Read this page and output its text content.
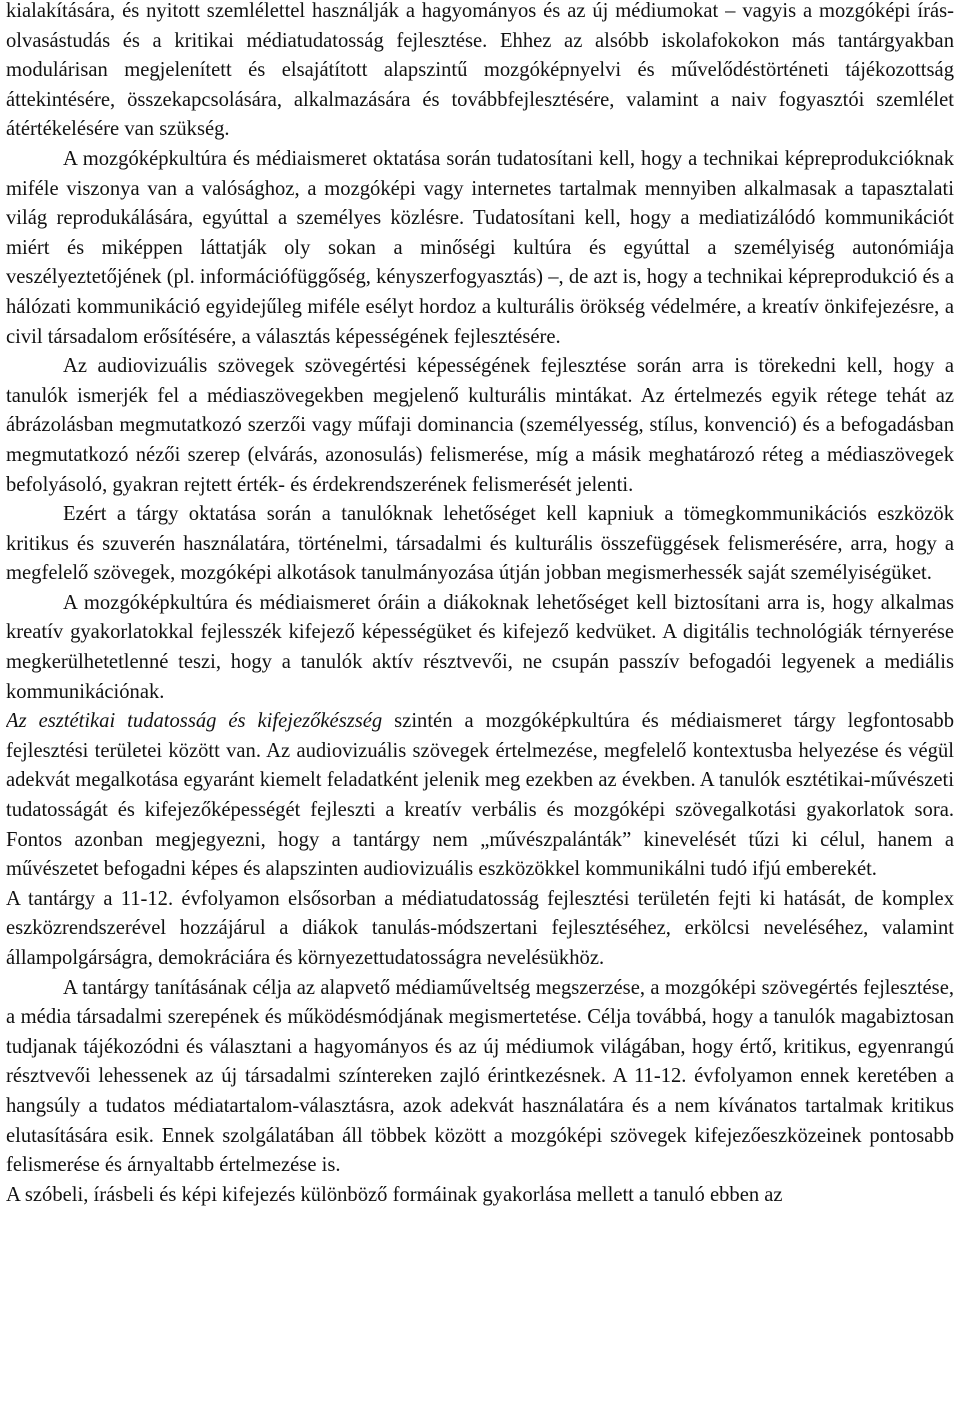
kialakítására, és nyitott szemlélettel használják a hagyományos és az új médiumokat – vagyis a mozgóképi írás-olvasástudás és a kritikai médiatudatosság fejlesztése. Ehhez az alsóbb iskolafokokon más tantárgyakban modulárisan megjelenített és elsajátított alapszintű mozgóképnyelvi és művelődéstörténeti tájékozottság áttekintésére, összekapcsolására, alkalmazására és továbbfejlesztésére, valamint a naiv fogyasztói szemlélet átértékelésére van szükség.

A mozgóképkultúra és médiaismeret oktatása során tudatosítani kell, hogy a technikai képreprodukcióknak miféle viszonya van a valósághoz, a mozgóképi vagy internetes tartalmak mennyiben alkalmasak a tapasztalati világ reprodukálására, egyúttal a személyes közlésre. Tudatosítani kell, hogy a mediatizálódó kommunikációt miért és miképpen láttatják oly sokan a minőségi kultúra és egyúttal a személyiség autonómiája veszélyeztetőjének (pl. információfüggőség, kényszerfogyasztás) –, de azt is, hogy a technikai képreprodukció és a hálózati kommunikáció egyidejűleg miféle esélyt hordoz a kulturális örökség védelmére, a kreatív önkifejezésre, a civil társadalom erősítésére, a választás képességének fejlesztésére.

Az audiovizuális szövegek szövegértési képességének fejlesztése során arra is törekedni kell, hogy a tanulók ismerjék fel a médiaszövegekben megjelenő kulturális mintákat. Az értelmezés egyik rétege tehát az ábrázolásban megmutatkozó szerzői vagy műfaji dominancia (személyesség, stílus, konvenció) és a befogadásban megmutatkozó nézői szerep (elvárás, azonosulás) felismerése, míg a másik meghatározó réteg a médiaszövegek befolyásoló, gyakran rejtett érték- és érdekrendszerének felismerését jelenti.

Ezért a tárgy oktatása során a tanulóknak lehetőséget kell kapniuk a tömegkommunikációs eszközök kritikus és szuverén használatára, történelmi, társadalmi és kulturális összefüggések felismerésére, arra, hogy a megfelelő szövegek, mozgóképi alkotások tanulmányozása útján jobban megismerhessék saját személyiségüket.

A mozgóképkultúra és médiaismeret óráin a diákoknak lehetőséget kell biztosítani arra is, hogy alkalmas kreatív gyakorlatokkal fejlesszék kifejező képességüket és kifejező kedvüket. A digitális technológiák térnyerése megkerülhetetlenné teszi, hogy a tanulók aktív résztvevői, ne csupán passzív befogadói legyenek a mediális kommunikációnak.

Az esztétikai tudatosság és kifejezőkészség szintén a mozgóképkultúra és médiaismeret tárgy legfontosabb fejlesztési területei között van. Az audiovizuális szövegek értelmezése, megfelelő kontextusba helyezése és végül adekvát megalkotása egyaránt kiemelt feladatként jelenik meg ezekben az években. A tanulók esztétikai-művészeti tudatosságát és kifejezőképességét fejleszti a kreatív verbális és mozgóképi szövegalkotási gyakorlatok sora. Fontos azonban megjegyezni, hogy a tantárgy nem „művészpalánták” kinevelését tűzi ki célul, hanem a művészetet befogadni képes és alapszinten audiovizuális eszközökkel kommunikálni tudó ifjú emberekét.

A tantárgy a 11-12. évfolyamon elsősorban a médiatudatosság fejlesztési területén fejti ki hatását, de komplex eszközrendszerével hozzájárul a diákok tanulás-módszertani fejlesztéséhez, erkölcsi neveléséhez, valamint állampolgárságra, demokráciára és környezettudatosságra nevelésükhöz.

A tantárgy tanításának célja az alapvető médiaműveltség megszerzése, a mozgóképi szövegértés fejlesztése, a média társadalmi szerepének és működésmódjának megismertetése. Célja továbbá, hogy a tanulók magabiztosan tudjanak tájékozódni és választani a hagyományos és az új médiumok világában, hogy értő, kritikus, egyenrangú résztvevői lehessenek az új társadalmi színtereken zajló érintkezésnek. A 11-12. évfolyamon ennek keretében a hangsúly a tudatos médiatartalom-választásra, azok adekvát használatára és a nem kívánatos tartalmak kritikus elutasítására esik. Ennek szolgálatában áll többek között a mozgóképi szövegek kifejezőeszközeinek pontosabb felismerése és árnyaltabb értelmezése is.

A szóbeli, írásbeli és képi kifejezés különböző formáinak gyakorlása mellett a tanuló ebben az
